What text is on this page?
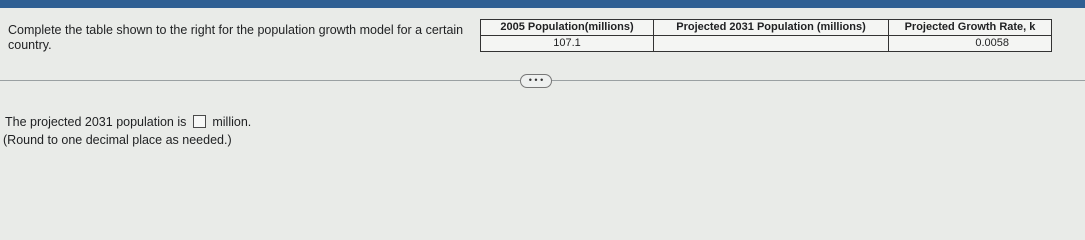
Complete the table shown to the right for the population growth model for a certain country.
2005 Population(millions)	Projected 2031 Population (millions)	Projected Growth Rate, k
107.1		0.0058
• • •
The projected 2031 population is million.
(Round to one decimal place as needed.)
